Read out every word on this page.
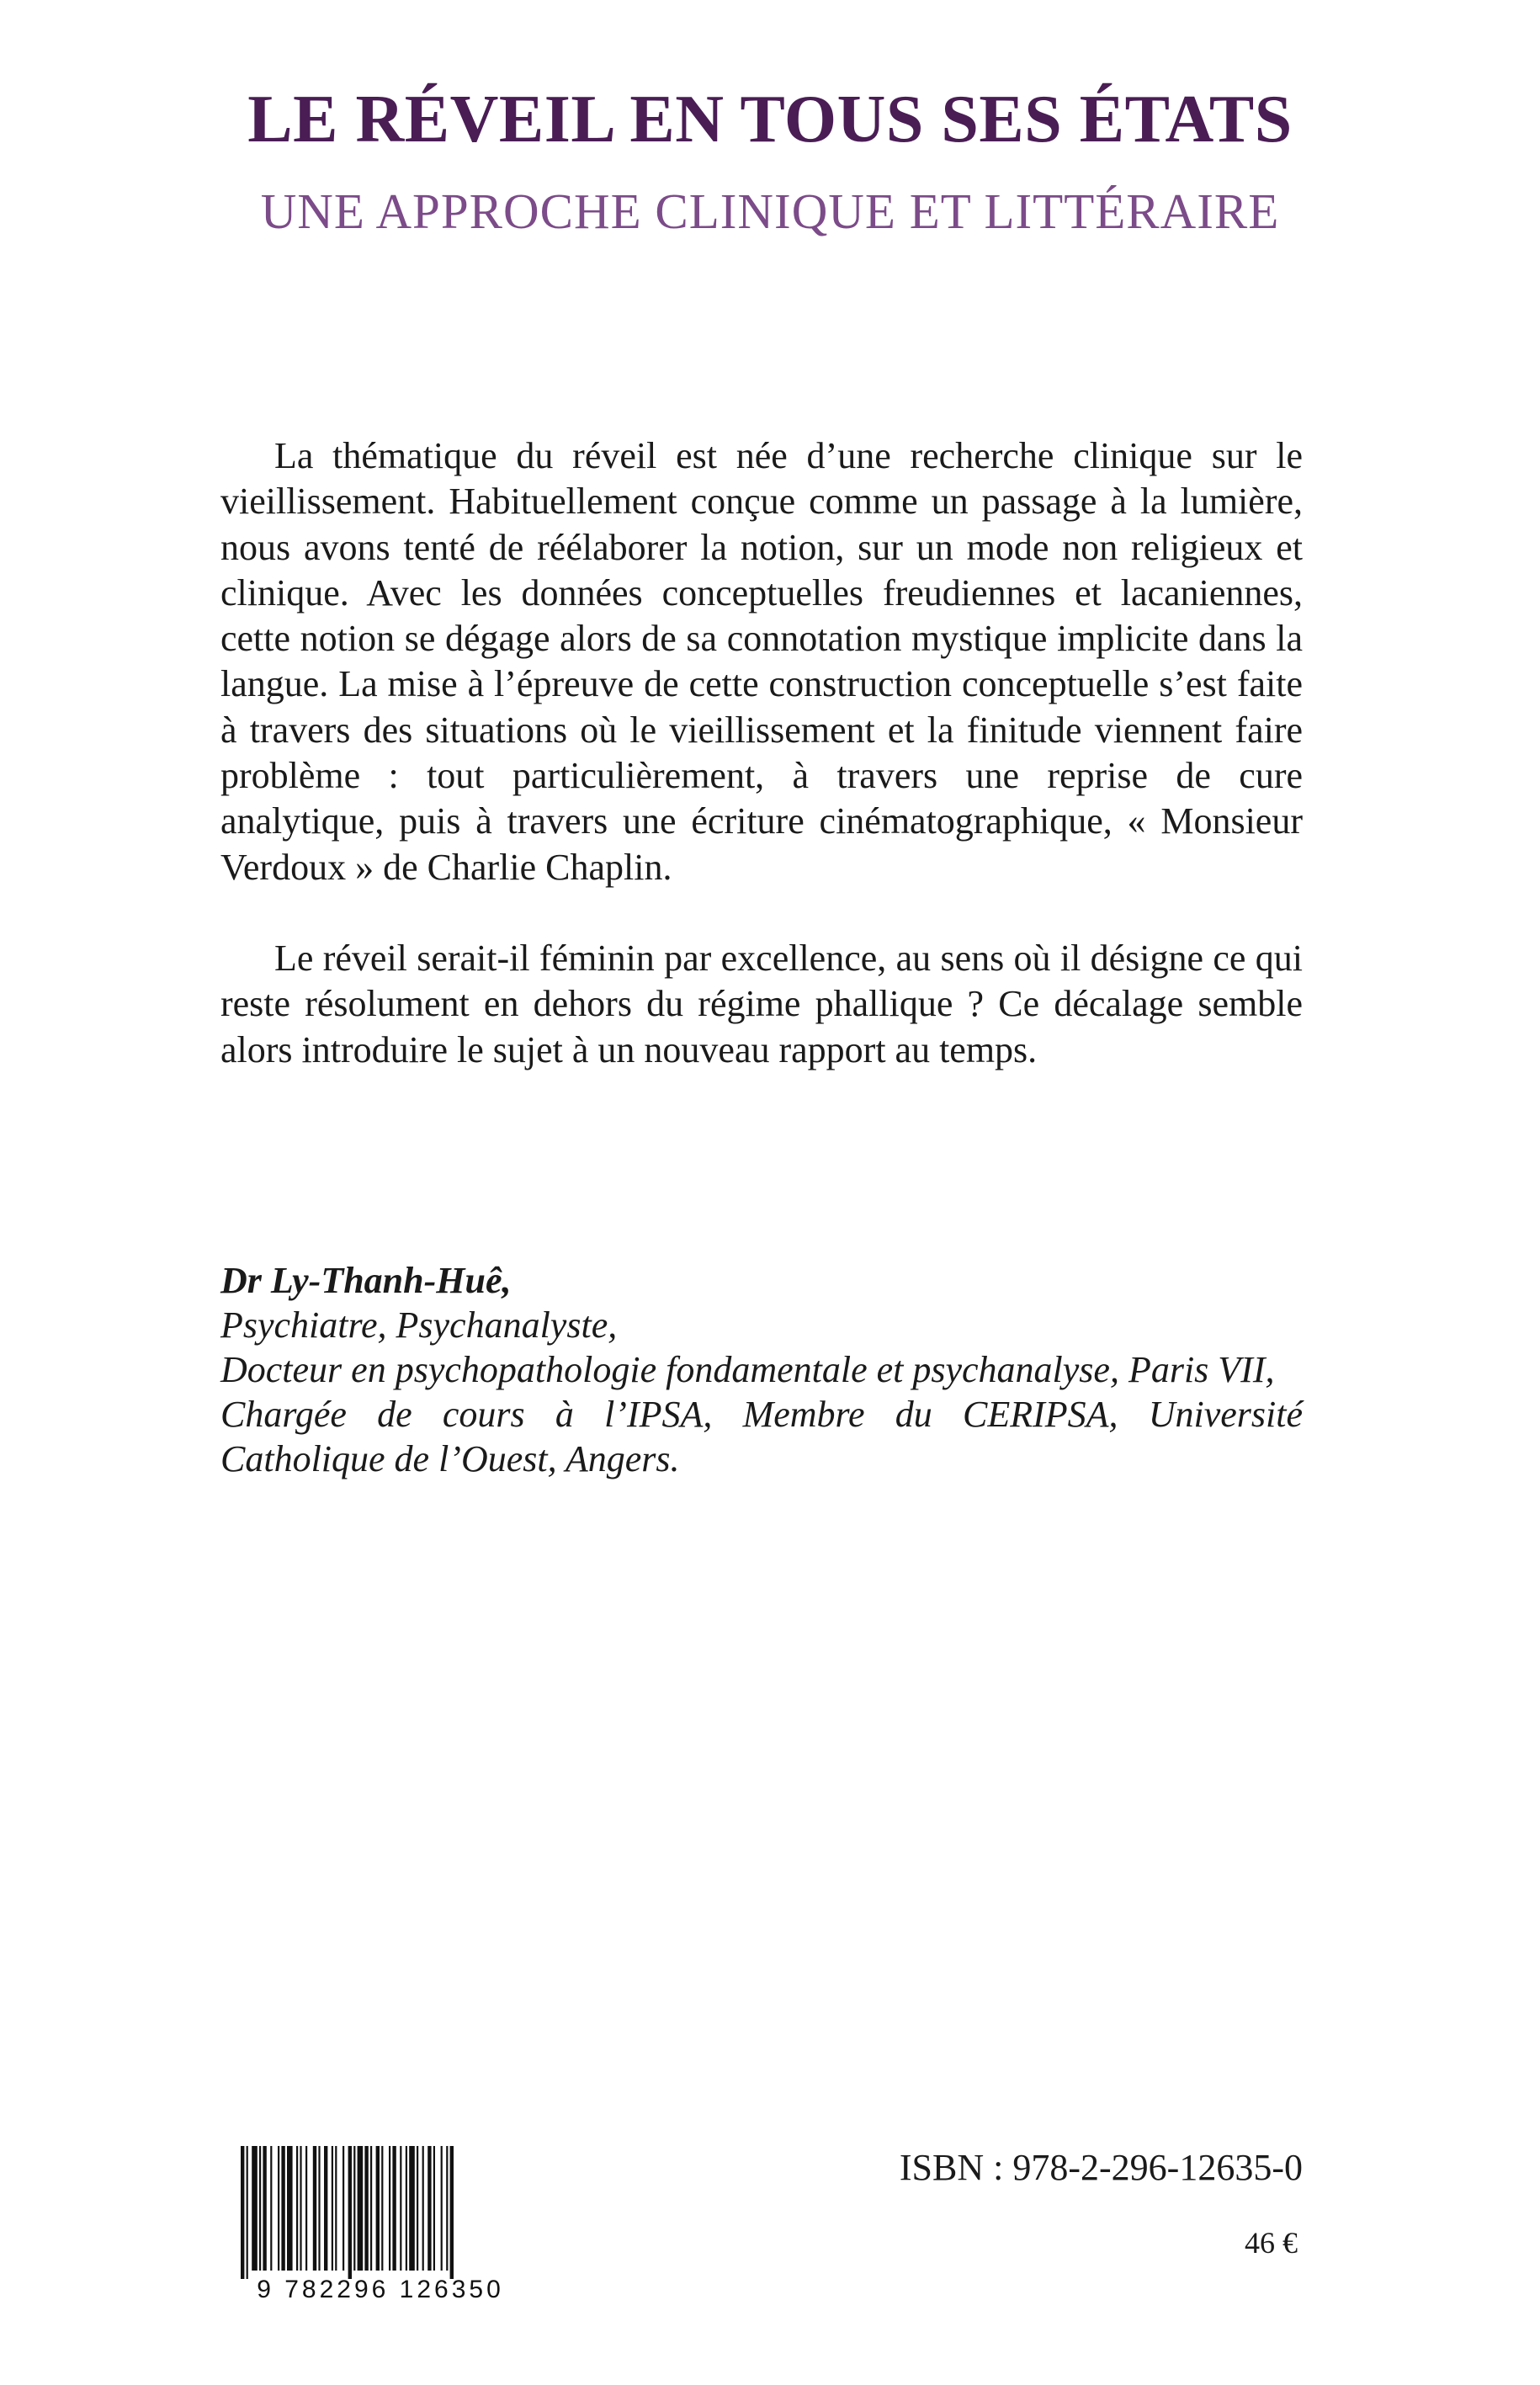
LE RÉVEIL EN TOUS SES ÉTATS
UNE APPROCHE CLINIQUE ET LITTÉRAIRE

La thématique du réveil est née d’une recherche clinique sur le vieillissement. Habituellement conçue comme un passage à la lumière, nous avons tenté de réélaborer la notion, sur un mode non religieux et clinique. Avec les données conceptuelles freudiennes et lacaniennes, cette notion se dégage alors de sa connotation mystique implicite dans la langue. La mise à l’épreuve de cette construction conceptuelle s’est faite à travers des situations où le vieillissement et la finitude viennent faire problème : tout particulièrement, à travers une reprise de cure analytique, puis à travers une écriture cinématographique, « Monsieur Verdoux » de Charlie Chaplin.

Le réveil serait-il féminin par excellence, au sens où il désigne ce qui reste résolument en dehors du régime phallique ? Ce décalage semble alors introduire le sujet à un nouveau rapport au temps.

Dr Ly-Thanh-Huê,
Psychiatre, Psychanalyste,
Docteur en psychopathologie fondamentale et psychanalyse, Paris VII,
Chargée de cours à l’IPSA, Membre du CERIPSA, Université
Catholique de l’Ouest, Angers.
9 782296 126350
ISBN : 978-2-296-12635-0
46 €
